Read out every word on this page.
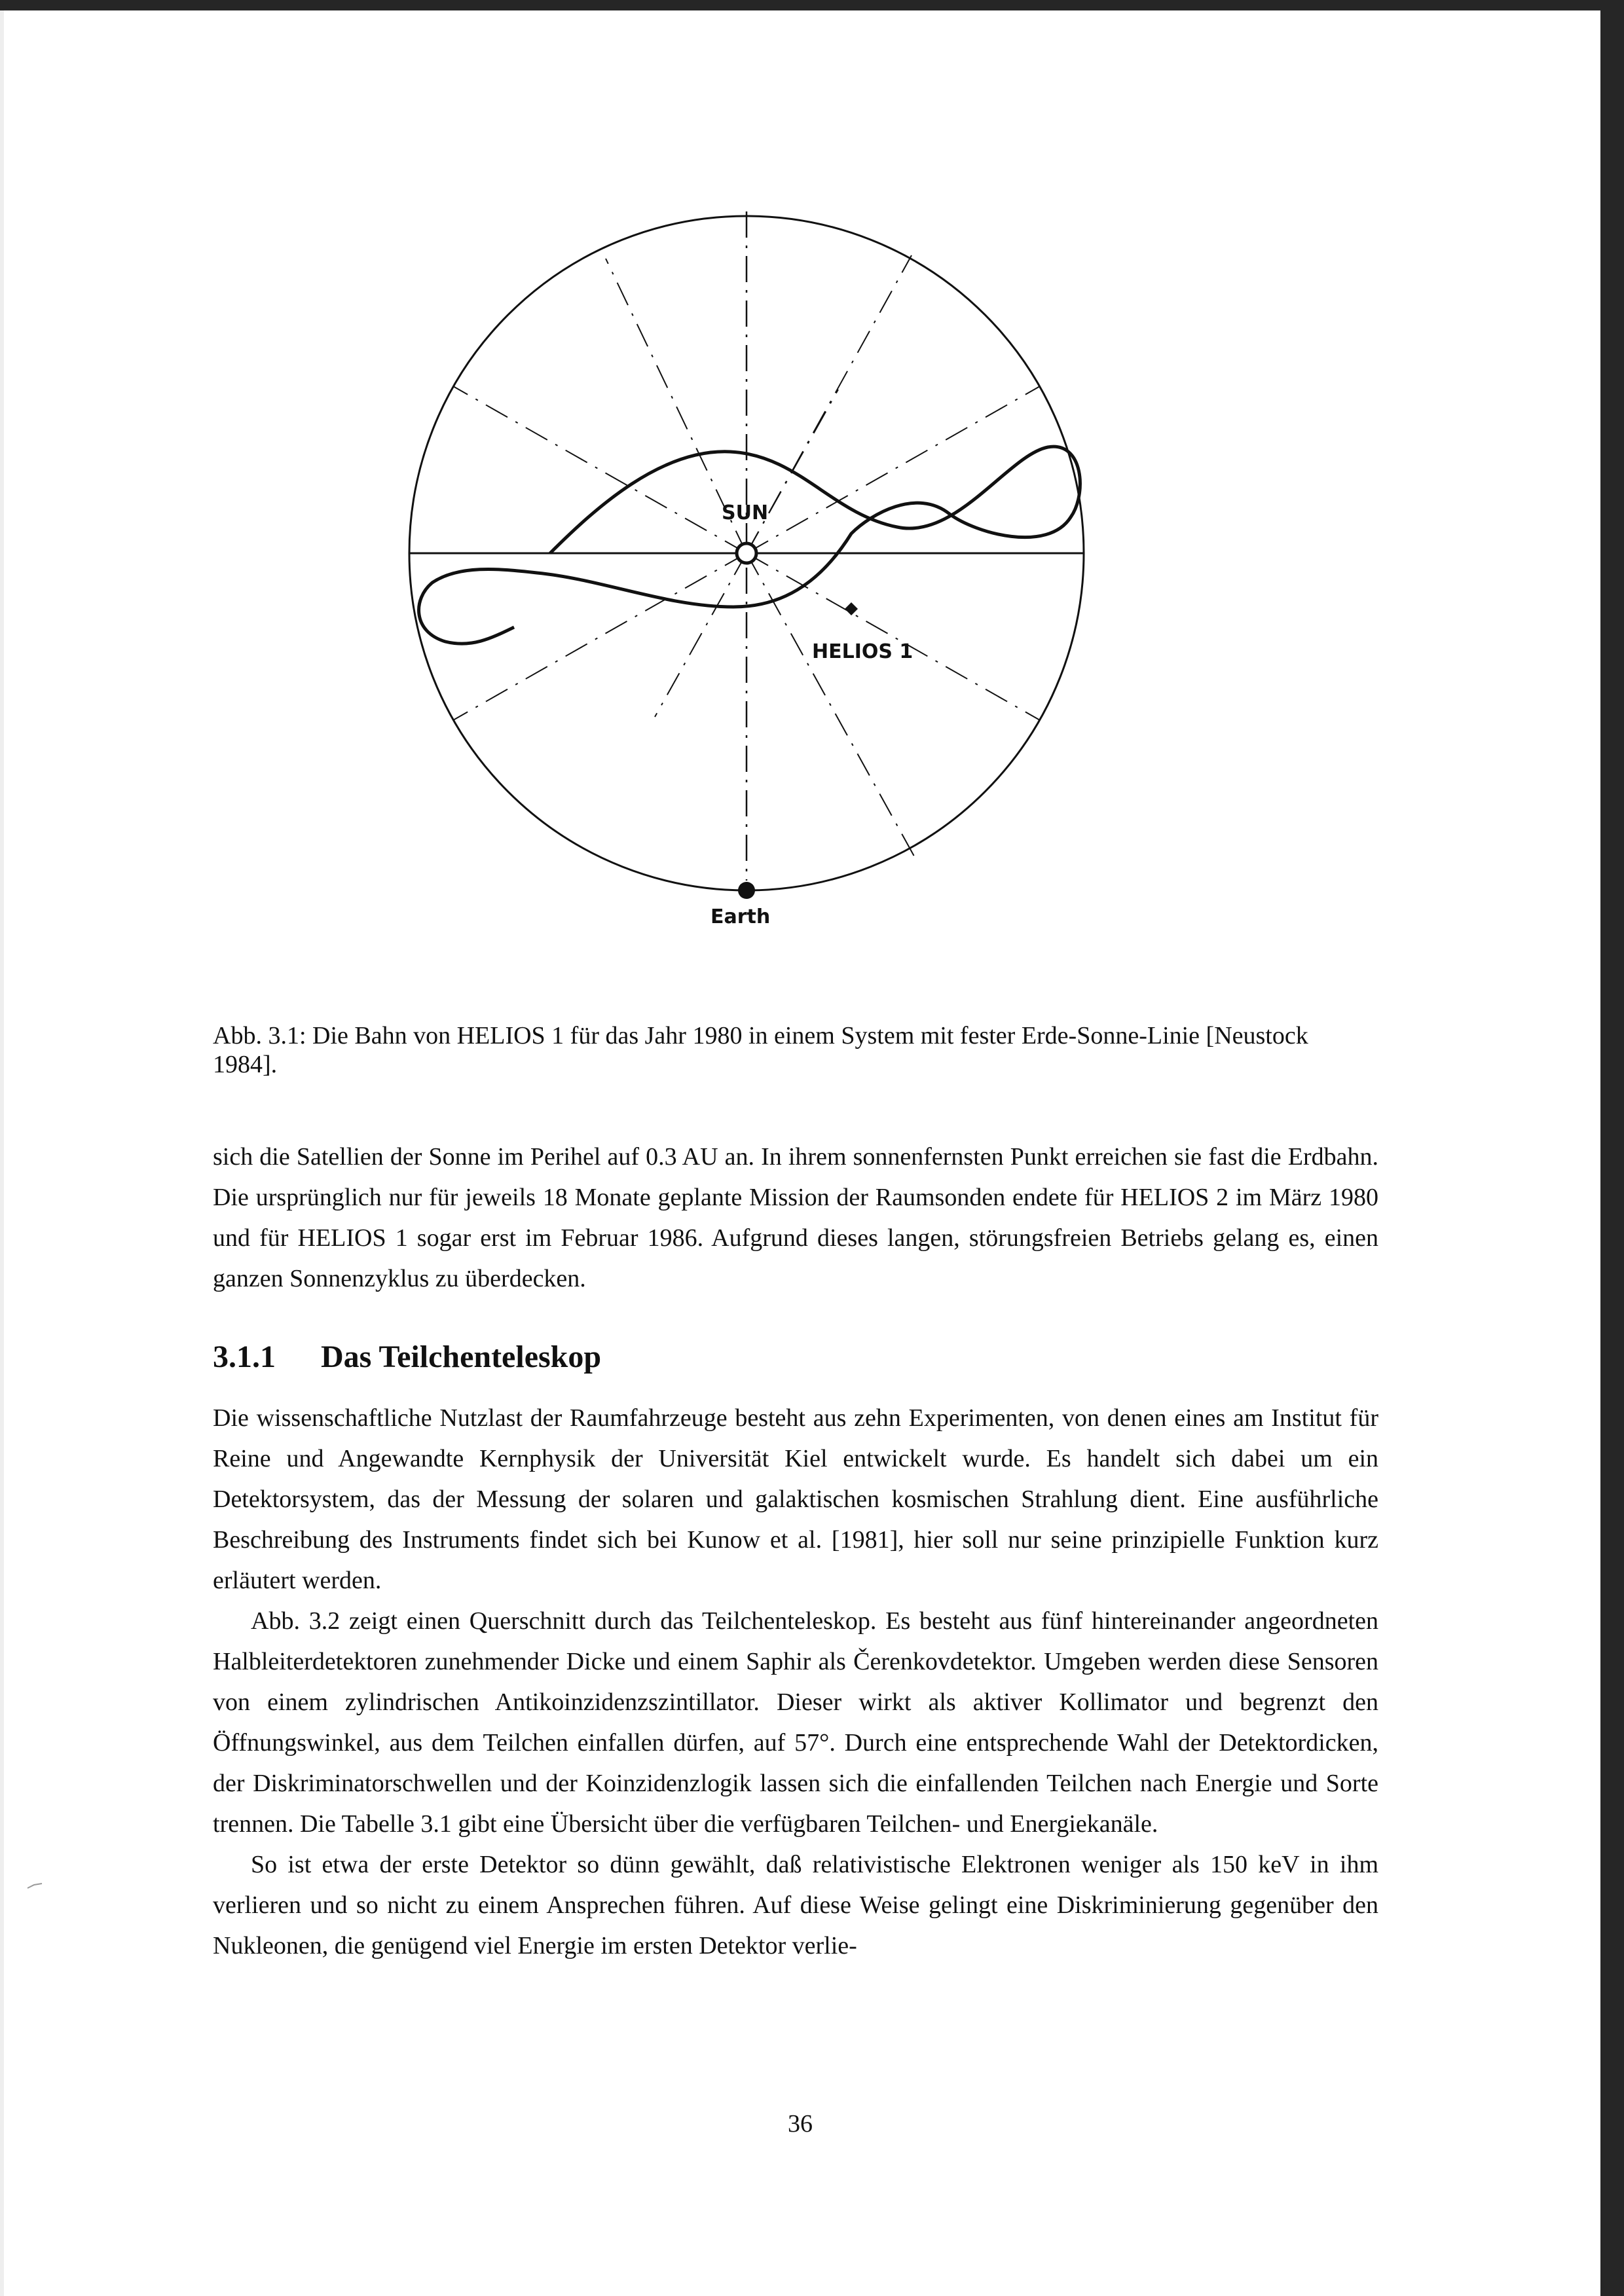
SUN
HELIOS 1
Earth
Abb. 3.1: Die Bahn von HELIOS 1 für das Jahr 1980 in einem System mit fester Erde-Sonne-Linie [Neustock 1984].

sich die Satellien der Sonne im Perihel auf 0.3 AU an. In ihrem sonnenfernsten Punkt erreichen sie fast die Erdbahn. Die ursprünglich nur für jeweils 18 Monate geplante Mission der Raumsonden endete für HELIOS 2 im März 1980 und für HELIOS 1 sogar erst im Februar 1986. Aufgrund dieses langen, störungsfreien Betriebs gelang es, einen ganzen Sonnenzyklus zu überdecken.

3.1.1 Das Teilchenteleskop

Die wissenschaftliche Nutzlast der Raumfahrzeuge besteht aus zehn Experimenten, von denen eines am Institut für Reine und Angewandte Kernphysik der Universität Kiel entwickelt wurde. Es handelt sich dabei um ein Detektorsystem, das der Messung der solaren und galaktischen kosmischen Strahlung dient. Eine ausführliche Beschreibung des Instruments findet sich bei Kunow et al. [1981], hier soll nur seine prinzipielle Funktion kurz erläutert werden.

Abb. 3.2 zeigt einen Querschnitt durch das Teilchenteleskop. Es besteht aus fünf hintereinander angeordneten Halbleiterdetektoren zunehmender Dicke und einem Saphir als Čerenkovdetektor. Umgeben werden diese Sensoren von einem zylindrischen Antikoinzidenzszintillator. Dieser wirkt als aktiver Kollimator und begrenzt den Öffnungswinkel, aus dem Teilchen einfallen dürfen, auf 57°. Durch eine entsprechende Wahl der Detektordicken, der Diskriminatorschwellen und der Koinzidenzlogik lassen sich die einfallenden Teilchen nach Energie und Sorte trennen. Die Tabelle 3.1 gibt eine Übersicht über die verfügbaren Teilchen- und Energiekanäle.

So ist etwa der erste Detektor so dünn gewählt, daß relativistische Elektronen weniger als 150 keV in ihm verlieren und so nicht zu einem Ansprechen führen. Auf diese Weise gelingt eine Diskriminierung gegenüber den Nukleonen, die genügend viel Energie im ersten Detektor verlie-

36
